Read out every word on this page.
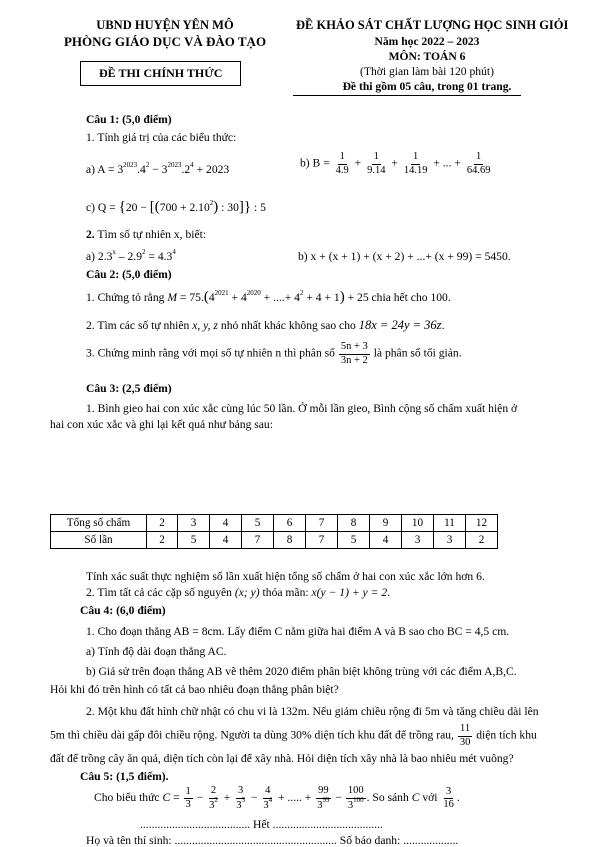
UBND HUYỆN YÊN MÔ
PHÒNG GIÁO DỤC VÀ ĐÀO TẠO
ĐỀ THI CHÍNH THỨC
ĐỀ KHẢO SÁT CHẤT LƯỢNG HỌC SINH GIỎI
Năm học 2022 – 2023
MÔN: TOÁN 6
(Thời gian làm bài 120 phút)
Đề thi gồm 05 câu, trong 01 trang.
Câu 1: (5,0 điểm)
1. Tính giá trị của các biểu thức:
a) $A = 3^{2023}.4^2 - 3^{2023}.2^4 + 2023$	b) $B = \frac{1}{4.9} + \frac{1}{9.14} + \frac{1}{14.19}$ + ... + $\frac{1}{64.69}$
c) $Q = \{20 - [(700 + 2.10^2)$ : 30]} : 5
2. Tìm số tự nhiên x, biết:
a) $2.3^x - 2.9^2 = 4.3^4$	b) x + (x + 1) + (x + 2) + ...+ (x + 99) = 5450.
Câu 2: (5,0 điểm)
1. Chứng tỏ rằng $M = 75.(4^{2021} + 4^{2020}$ + ....+ $4^2 + 4 + 1) + 25$ chia hết cho 100.
2. Tìm các số tự nhiên x, y, z nhỏ nhất khác không sao cho 18x = 24y = 36z.
3. Chứng minh rằng với mọi số tự nhiên n thì phân số $\frac{5n + 3}{3n + 2}$ là phân số tối giản.
Câu 3: (2,5 điểm)
1. Bình gieo hai con xúc xắc cùng lúc 50 lần. Ở mỗi lần gieo, Bình cộng số chấm xuất hiện ở
hai con xúc xắc và ghi lại kết quả như bảng sau:
Tổng số chấm	2	3	4	5	6	7	8	9	10	11	12
Số lần	2	5	4	7	8	7	5	4	3	3	2
Tính xác suất thực nghiệm số lần xuất hiện tổng số chấm ở hai con xúc xắc lớn hơn 6.
2. Tìm tất cả các cặp số nguyên (x; y) thỏa mãn: x(y − 1) + y = 2.
Câu 4: (6,0 điểm)
1. Cho đoạn thẳng AB = 8cm. Lấy điểm C nằm giữa hai điểm A và B sao cho BC = 4,5 cm.
a) Tính độ dài đoạn thẳng AC.
b) Giả sử trên đoạn thẳng AB vẽ thêm 2020 điểm phân biệt không trùng với các điểm A,B,C.
Hỏi khi đó trên hình có tất cả bao nhiêu đoạn thẳng phân biệt?
2. Một khu đất hình chữ nhật có chu vi là 132m. Nếu giảm chiều rộng đi 5m và tăng chiều dài lên
5m thì chiều dài gấp đôi chiều rộng. Người ta dùng 30% diện tích khu đất để trồng rau, $\frac{11}{30}$ diện tích khu
đất để trồng cây ăn quả, diện tích còn lại để xây nhà. Hỏi diện tích xây nhà là bao nhiêu mét vuông?
Câu 5: (1,5 điểm).
Cho biểu thức $C = \frac{1}{3} - \frac{2}{3^2} + \frac{3}{3^3} - \frac{4}{3^4}$ + ..... + $\frac{99}{3^{99}} - \frac{100}{3^{100}}$ . So sánh C với $\frac{3}{16}$ .
...................................... Hết ......................................
Họ và tên thí sinh: ........................................................ Số báo danh: ...................
